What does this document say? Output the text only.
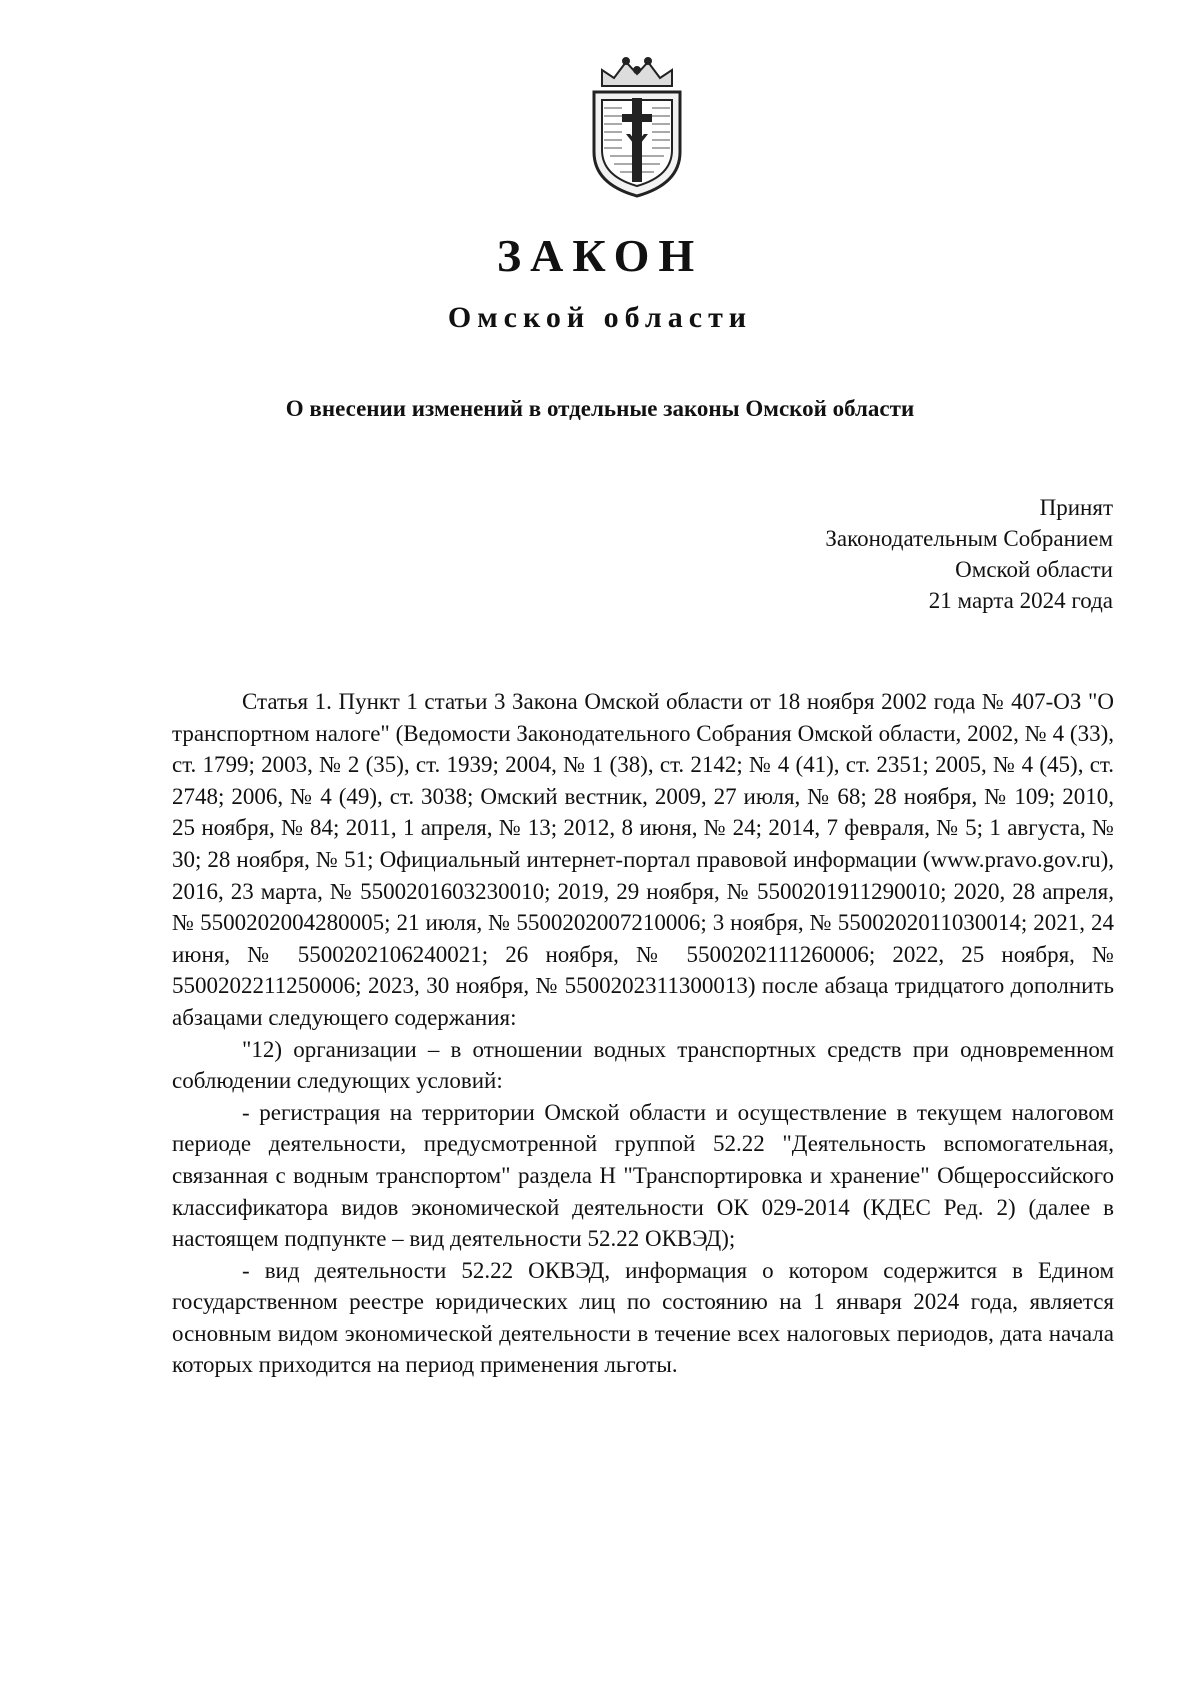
ЗАКОН
Омской области
О внесении изменений в отдельные законы Омской области
Принят
Законодательным Собранием
Омской области
21 марта 2024 года

Статья 1. Пункт 1 статьи 3 Закона Омской области от 18 ноября 2002 года № 407-ОЗ "О транспортном налоге" (Ведомости Законодательного Собрания Омской области, 2002, № 4 (33), ст. 1799; 2003, № 2 (35), ст. 1939; 2004, № 1 (38), ст. 2142; № 4 (41), ст. 2351; 2005, № 4 (45), ст. 2748; 2006, № 4 (49), ст. 3038; Омский вестник, 2009, 27 июля, № 68; 28 ноября, № 109; 2010, 25 ноября, № 84; 2011, 1 апреля, № 13; 2012, 8 июня, № 24; 2014, 7 февраля, № 5; 1 августа, № 30; 28 ноября, № 51; Официальный интернет-портал правовой информации (www.pravo.gov.ru), 2016, 23 марта, № 5500201603230010; 2019, 29 ноября, № 5500201911290010; 2020, 28 апреля, № 5500202004280005; 21 июля, № 5500202007210006; 3 ноября, № 5500202011030014; 2021, 24 июня, № 5500202106240021; 26 ноября, № 5500202111260006; 2022, 25 ноября, № 5500202211250006; 2023, 30 ноября, № 5500202311300013) после абзаца тридцатого дополнить абзацами следующего содержания:

"12) организации – в отношении водных транспортных средств при одновременном соблюдении следующих условий:

- регистрация на территории Омской области и осуществление в текущем налоговом периоде деятельности, предусмотренной группой 52.22 "Деятельность вспомогательная, связанная с водным транспортом" раздела Н "Транспортировка и хранение" Общероссийского классификатора видов экономической деятельности ОК 029-2014 (КДЕС Ред. 2) (далее в настоящем подпункте – вид деятельности 52.22 ОКВЭД);

- вид деятельности 52.22 ОКВЭД, информация о котором содержится в Едином государственном реестре юридических лиц по состоянию на 1 января 2024 года, является основным видом экономической деятельности в течение всех налоговых периодов, дата начала которых приходится на период применения льготы.
